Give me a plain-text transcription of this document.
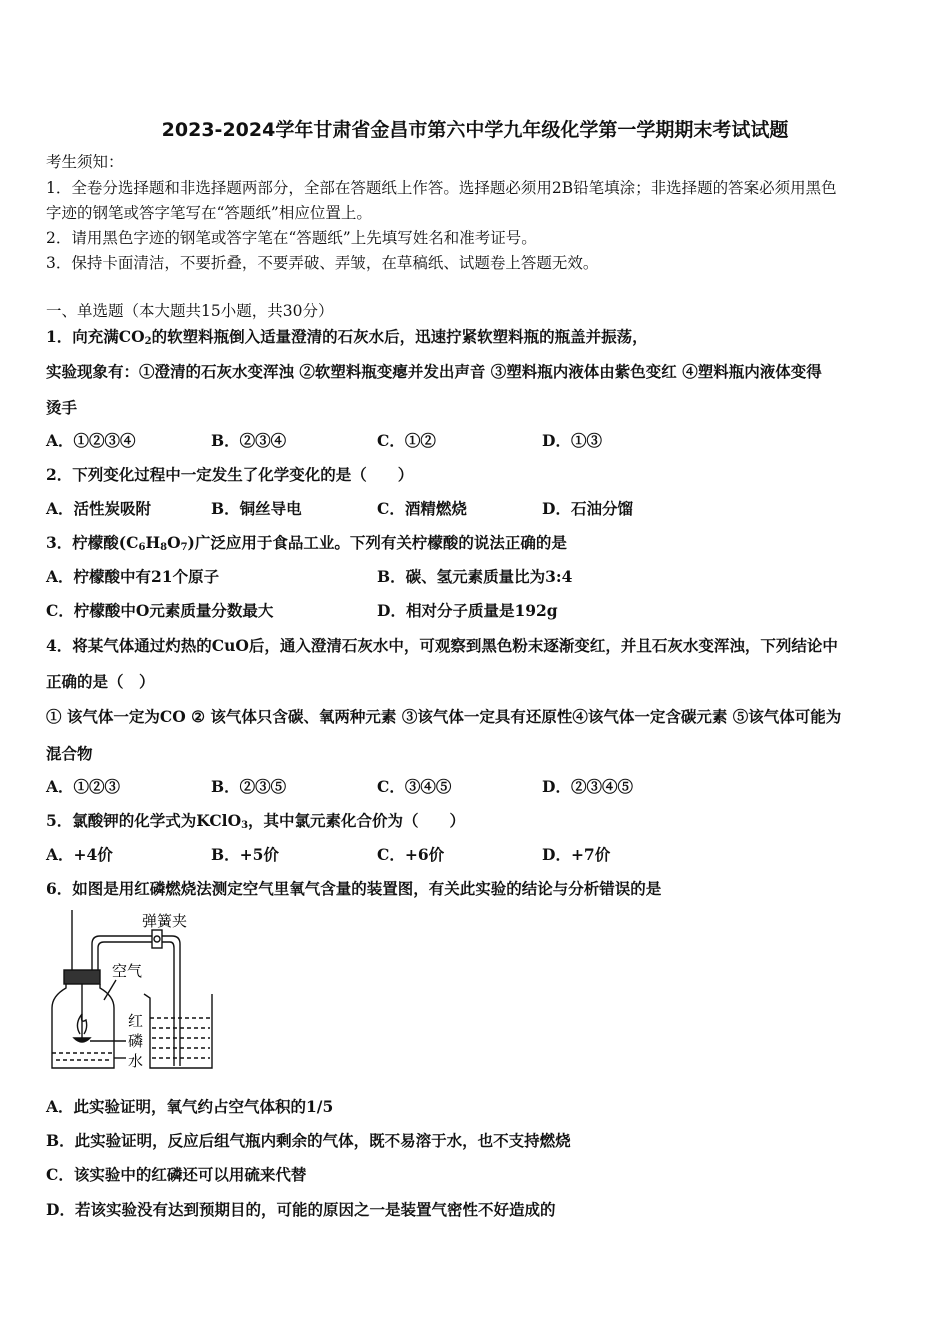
2023-2024学年甘肃省金昌市第六中学九年级化学第一学期期末考试试题
考生须知：
1．全卷分选择题和非选择题两部分，全部在答题纸上作答。选择题必须用2B铅笔填涂；非选择题的答案必须用黑色
字迹的钢笔或答字笔写在“答题纸”相应位置上。
2．请用黑色字迹的钢笔或答字笔在“答题纸”上先填写姓名和准考证号。
3．保持卡面清洁，不要折叠，不要弄破、弄皱，在草稿纸、试题卷上答题无效。
一、单选题（本大题共15小题，共30分）
1．向充满$CO_2$的软塑料瓶倒入适量澄清的石灰水后，迅速拧紧软塑料瓶的瓶盖并振荡，
实验现象有：①澄清的石灰水变浑浊 ②软塑料瓶变瘪并发出声音 ③塑料瓶内液体由紫色变红 ④塑料瓶内液体变得
烫手
A．①②③④	B．②③④	C．①②	D．①③
2．下列变化过程中一定发生了化学变化的是（　　）
A．活性炭吸附	B．铜丝导电	C．酒精燃烧	D．石油分馏
3．柠檬酸$(C_6H_8O_7)$广泛应用于食品工业。下列有关柠檬酸的说法正确的是
A．柠檬酸中有21个原子	B．碳、氢元素质量比为3:4
C．柠檬酸中O元素质量分数最大	D．相对分子质量是192g
4．将某气体通过灼热的CuO后，通入澄清石灰水中，可观察到黑色粉末逐渐变红，并且石灰水变浑浊，下列结论中
正确的是（　）
① 该气体一定为CO ② 该气体只含碳、氧两种元素 ③该气体一定具有还原性④该气体一定含碳元素 ⑤该气体可能为
混合物
A．①②③	B．②③⑤	C．③④⑤	D．②③④⑤
5．氯酸钾的化学式为KClO$_3$，其中氯元素化合价为（　　）
A．+4价	B．+5价	C．+6价	D．+7价
6．如图是用红磷燃烧法测定空气里氧气含量的装置图，有关此实验的结论与分析错误的是
弹簧夹
空气
红
磷
水
A．此实验证明，氧气约占空气体积的1/5
B．此实验证明，反应后组气瓶内剩余的气体，既不易溶于水，也不支持燃烧
C．该实验中的红磷还可以用硫来代替
D．若该实验没有达到预期目的，可能的原因之一是装置气密性不好造成的
